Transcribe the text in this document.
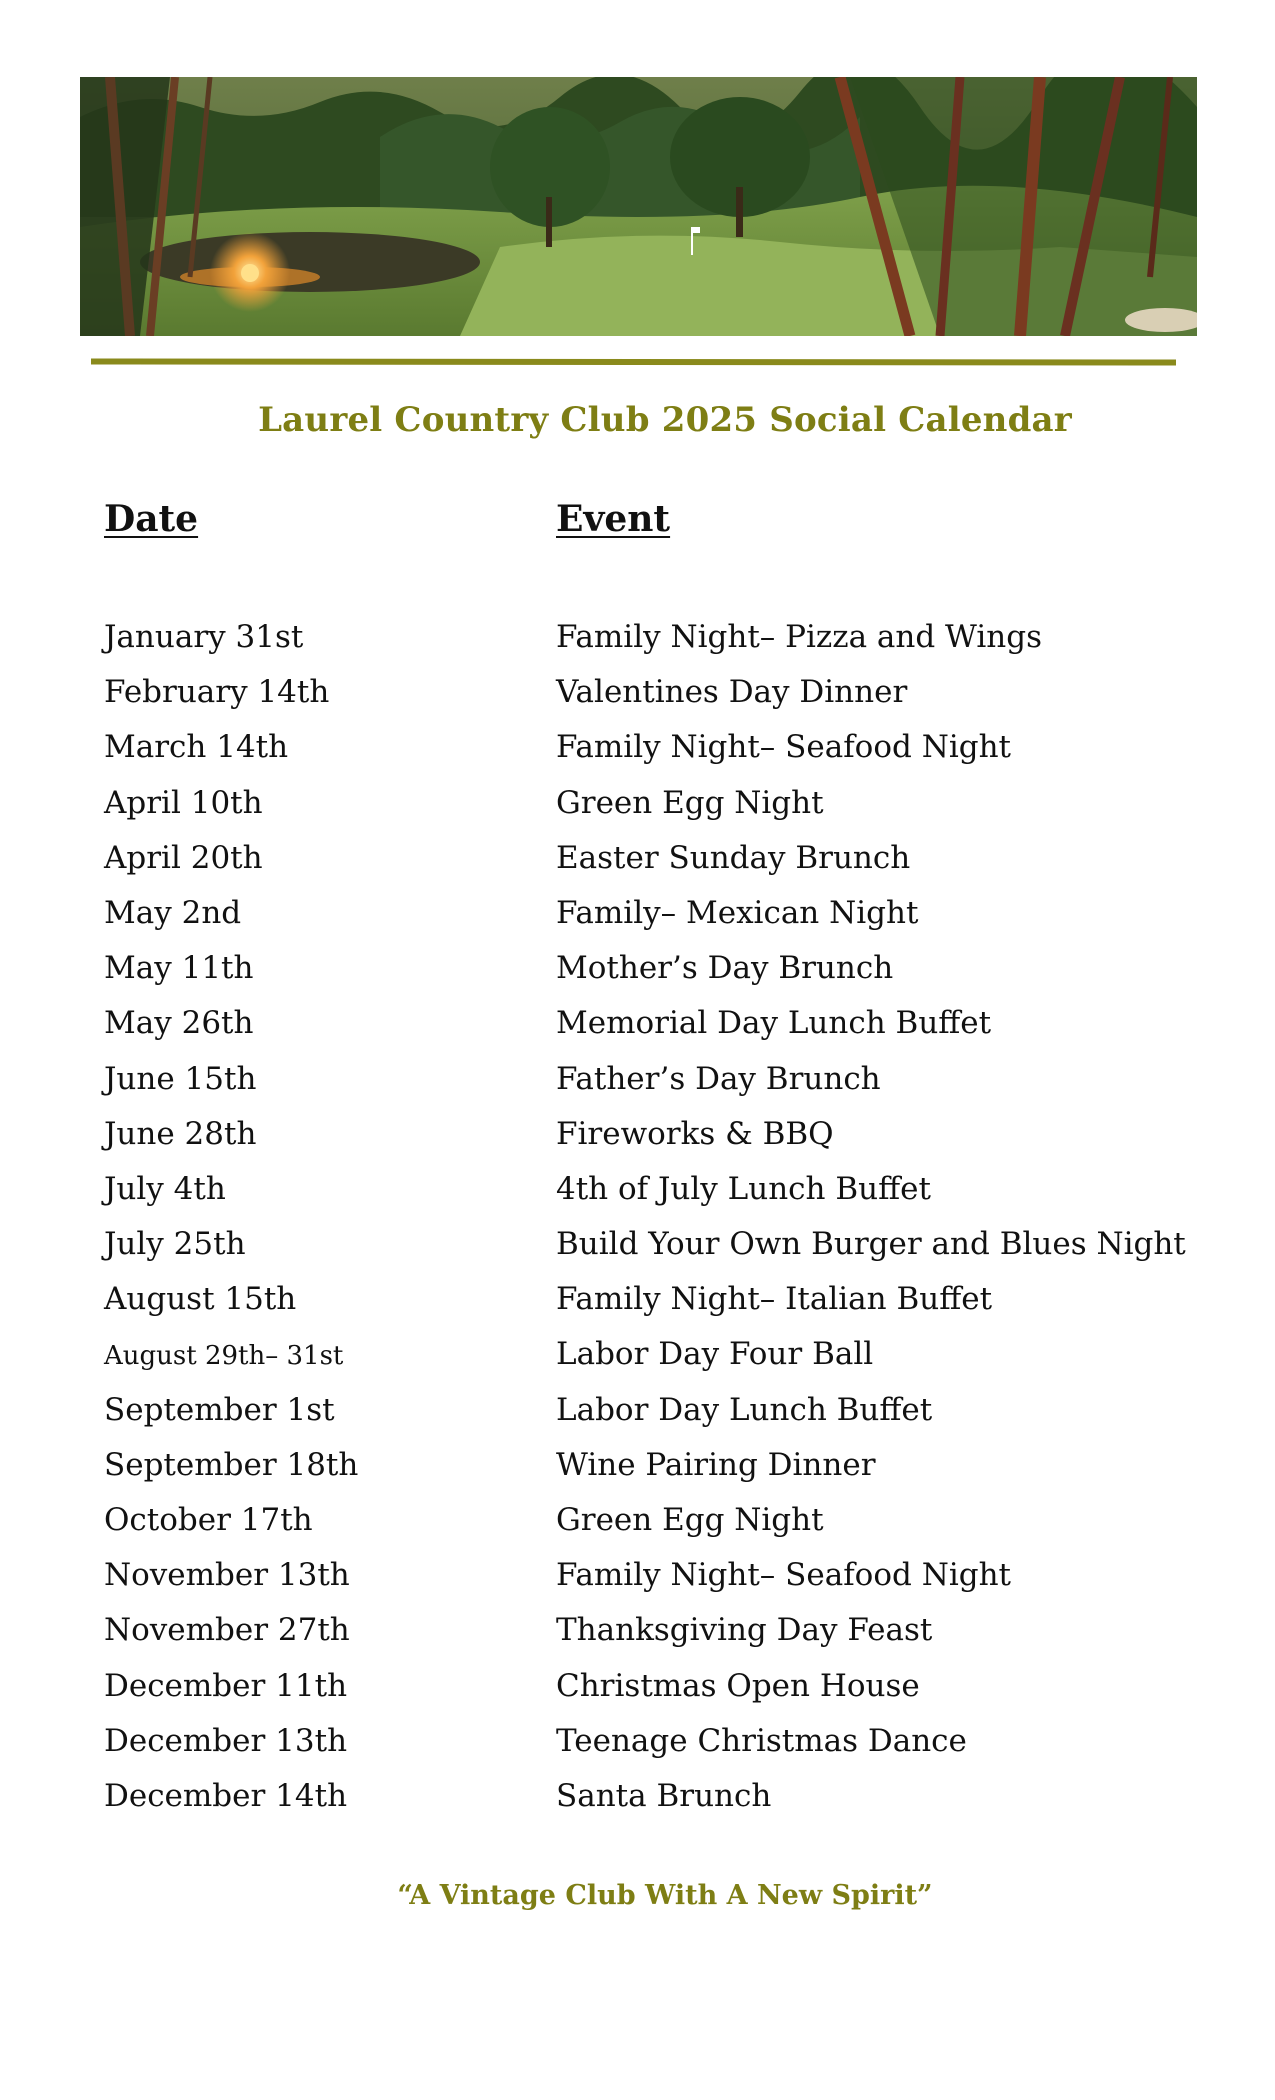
Laurel Country Club 2025 Social Calendar
Date	Event
January 31st	Family Night– Pizza and Wings
February 14th	Valentines Day Dinner
March 14th	Family Night– Seafood Night
April 10th	Green Egg Night
April 20th	Easter Sunday Brunch
May 2nd	Family– Mexican Night
May 11th	Mother’s Day Brunch
May 26th	Memorial Day Lunch Buffet
June 15th	Father’s Day Brunch
June 28th	Fireworks & BBQ
July 4th	4th of July Lunch Buffet
July 25th	Build Your Own Burger and Blues Night
August 15th	Family Night– Italian Buffet
August 29th– 31st	Labor Day Four Ball
September 1st	Labor Day Lunch Buffet
September 18th	Wine Pairing Dinner
October 17th	Green Egg Night
November 13th	Family Night– Seafood Night
November 27th	Thanksgiving Day Feast
December 11th	Christmas Open House
December 13th	Teenage Christmas Dance
December 14th	Santa Brunch
“A Vintage Club With A New Spirit”
